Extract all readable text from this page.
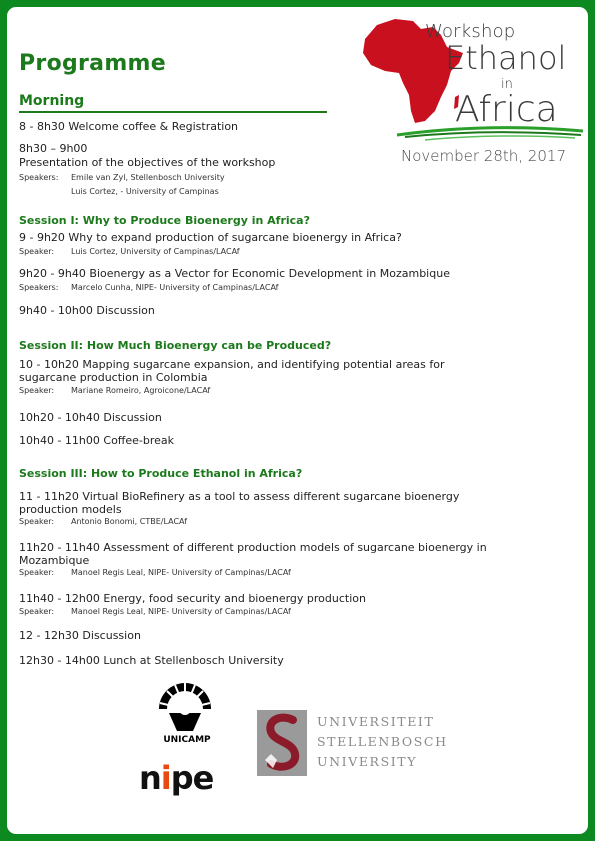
Workshop
Ethanol
in
Africa
November 28th, 2017
Programme
Morning
8 - 8h30 Welcome coffee & Registration
8h30 – 9h00
Presentation of the objectives of the workshop
Speakers: Emile van Zyl, Stellenbosch University
Luis Cortez, - University of Campinas
Session I: Why to Produce Bioenergy in Africa?
9 - 9h20 Why to expand production of sugarcane bioenergy in Africa?
Speaker: Luis Cortez, University of Campinas/LACAf
9h20 - 9h40 Bioenergy as a Vector for Economic Development in Mozambique
Speakers: Marcelo Cunha, NIPE- University of Campinas/LACAf
9h40 - 10h00 Discussion
Session II: How Much Bioenergy can be Produced?
10 - 10h20 Mapping sugarcane expansion, and identifying potential areas for
sugarcane production in Colombia
Speaker: Mariane Romeiro, Agroicone/LACAf
10h20 - 10h40 Discussion
10h40 - 11h00 Coffee-break
Session III: How to Produce Ethanol in Africa?
11 - 11h20 Virtual BioRefinery as a tool to assess different sugarcane bioenergy
production models
Speaker: Antonio Bonomi, CTBE/LACAf
11h20 - 11h40 Assessment of different production models of sugarcane bioenergy in
Mozambique
Speaker: Manoel Regis Leal, NIPE- University of Campinas/LACAf
11h40 - 12h00 Energy, food security and bioenergy production
Speaker: Manoel Regis Leal, NIPE- University of Campinas/LACAf
12 - 12h30 Discussion
12h30 - 14h00 Lunch at Stellenbosch University
UNICAMP
nipe
UNIVERSITEIT
STELLENBOSCH
UNIVERSITY
